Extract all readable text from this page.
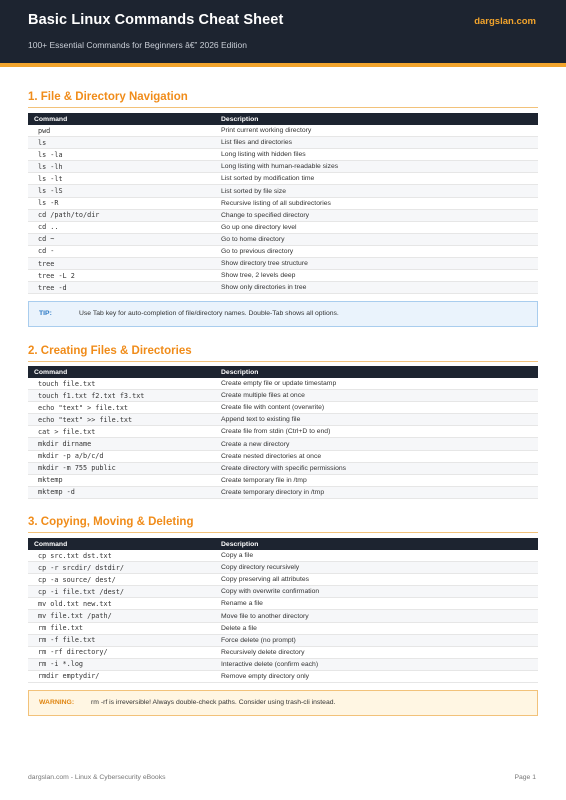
Basic Linux Commands Cheat Sheet	dargslan.com
100+ Essential Commands for Beginners â€” 2026 Edition
1. File & Directory Navigation
Command	Description
pwd	Print current working directory
ls	List files and directories
ls -la	Long listing with hidden files
ls -lh	Long listing with human-readable sizes
ls -lt	List sorted by modification time
ls -lS	List sorted by file size
ls -R	Recursive listing of all subdirectories
cd /path/to/dir	Change to specified directory
cd ..	Go up one directory level
cd ~	Go to home directory
cd -	Go to previous directory
tree	Show directory tree structure
tree -L 2	Show tree, 2 levels deep
tree -d	Show only directories in tree
TIP:	Use Tab key for auto-completion of file/directory names. Double-Tab shows all options.
2. Creating Files & Directories
Command	Description
touch file.txt	Create empty file or update timestamp
touch f1.txt f2.txt f3.txt	Create multiple files at once
echo "text" > file.txt	Create file with content (overwrite)
echo "text" >> file.txt	Append text to existing file
cat > file.txt	Create file from stdin (Ctrl+D to end)
mkdir dirname	Create a new directory
mkdir -p a/b/c/d	Create nested directories at once
mkdir -m 755 public	Create directory with specific permissions
mktemp	Create temporary file in /tmp
mktemp -d	Create temporary directory in /tmp
3. Copying, Moving & Deleting
Command	Description
cp src.txt dst.txt	Copy a file
cp -r srcdir/ dstdir/	Copy directory recursively
cp -a source/ dest/	Copy preserving all attributes
cp -i file.txt /dest/	Copy with overwrite confirmation
mv old.txt new.txt	Rename a file
mv file.txt /path/	Move file to another directory
rm file.txt	Delete a file
rm -f file.txt	Force delete (no prompt)
rm -rf directory/	Recursively delete directory
rm -i *.log	Interactive delete (confirm each)
rmdir emptydir/	Remove empty directory only
WARNING: rm -rf is irreversible! Always double-check paths. Consider using trash-cli instead.
dargslan.com - Linux & Cybersecurity eBooks	Page 1
